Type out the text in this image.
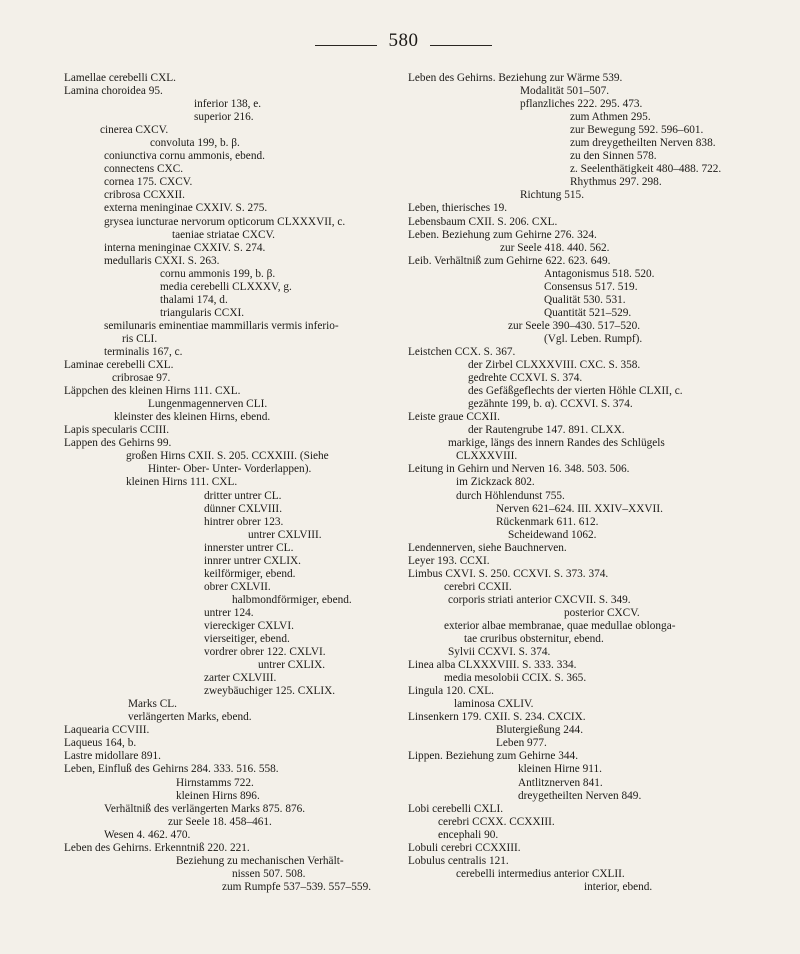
580
Lamellae cerebelli CXL.
Lamina choroidea 95.
inferior 138, e.
superior 216.
cinerea CXCV.
convoluta 199, b. β.
coniunctiva cornu ammonis, ebend.
connectens CXC.
cornea 175. CXCV.
cribrosa CCXXII.
externa meninginae CXXIV. S. 275.
grysea iuncturae nervorum opticorum CLXXXVII, c.
taeniae striatae CXCV.
interna meninginae CXXIV. S. 274.
medullaris CXXI. S. 263.
cornu ammonis 199, b. β.
media cerebelli CLXXXV, g.
thalami 174, d.
triangularis CCXI.
semilunaris eminentiae mammillaris vermis inferio-
ris CLI.
terminalis 167, c.
Laminae cerebelli CXL.
cribrosae 97.
Läppchen des kleinen Hirns 111. CXL.
Lungenmagennerven CLI.
kleinster des kleinen Hirns, ebend.
Lapis specularis CCIII.
Lappen des Gehirns 99.
großen Hirns CXII. S. 205. CCXXIII. (Siehe
Hinter- Ober- Unter- Vorderlappen).
kleinen Hirns 111. CXL.
dritter untrer CL.
dünner CXLVIII.
hintrer obrer 123.
untrer CXLVIII.
innerster untrer CL.
innrer untrer CXLIX.
keilförmiger, ebend.
obrer CXLVII.
halbmondförmiger, ebend.
untrer 124.
viereckiger CXLVI.
vierseitiger, ebend.
vordrer obrer 122. CXLVI.
untrer CXLIX.
zarter CXLVIII.
zweybäuchiger 125. CXLIX.
Marks CL.
verlängerten Marks, ebend.
Laquearia CCVIII.
Laqueus 164, b.
Lastre midollare 891.
Leben, Einfluß des Gehirns 284. 333. 516. 558.
Hirnstamms 722.
kleinen Hirns 896.
Verhältniß des verlängerten Marks 875. 876.
zur Seele 18. 458–461.
Wesen 4. 462. 470.
Leben des Gehirns. Erkenntniß 220. 221.
Beziehung zu mechanischen Verhält-
nissen 507. 508.
zum Rumpfe 537–539. 557–559.
Leben des Gehirns. Beziehung zur Wärme 539.
Modalität 501–507.
pflanzliches 222. 295. 473.
zum Athmen 295.
zur Bewegung 592. 596–601.
zum dreygetheilten Nerven 838.
zu den Sinnen 578.
z. Seelenthätigkeit 480–488. 722.
Rhythmus 297. 298.
Richtung 515.
Leben, thierisches 19.
Lebensbaum CXII. S. 206. CXL.
Leben. Beziehung zum Gehirne 276. 324.
zur Seele 418. 440. 562.
Leib. Verhältniß zum Gehirne 622. 623. 649.
Antagonismus 518. 520.
Consensus 517. 519.
Qualität 530. 531.
Quantität 521–529.
zur Seele 390–430. 517–520.
(Vgl. Leben. Rumpf).
Leistchen CCX. S. 367.
der Zirbel CLXXXVIII. CXC. S. 358.
gedrehte CCXVI. S. 374.
des Gefäßgeflechts der vierten Höhle CLXII, c.
gezähnte 199, b. α). CCXVI. S. 374.
Leiste graue CCXII.
der Rautengrube 147. 891. CLXX.
markige, längs des innern Randes des Schlügels
CLXXXVIII.
Leitung in Gehirn und Nerven 16. 348. 503. 506.
im Zickzack 802.
durch Höhlendunst 755.
Nerven 621–624. III. XXIV–XXVII.
Rückenmark 611. 612.
Scheidewand 1062.
Lendennerven, siehe Bauchnerven.
Leyer 193. CCXI.
Limbus CXVI. S. 250. CCXVI. S. 373. 374.
cerebri CCXII.
corporis striati anterior CXCVII. S. 349.
posterior CXCV.
exterior albae membranae, quae medullae oblonga-
tae cruribus obsternitur, ebend.
Sylvii CCXVI. S. 374.
Linea alba CLXXXVIII. S. 333. 334.
media mesolobii CCIX. S. 365.
Lingula 120. CXL.
laminosa CXLIV.
Linsenkern 179. CXII. S. 234. CXCIX.
Blutergießung 244.
Leben 977.
Lippen. Beziehung zum Gehirne 344.
kleinen Hirne 911.
Antlitznerven 841.
dreygetheilten Nerven 849.
Lobi cerebelli CXLI.
cerebri CCXX. CCXXIII.
encephali 90.
Lobuli cerebri CCXXIII.
Lobulus centralis 121.
cerebelli intermedius anterior CXLII.
interior, ebend.
